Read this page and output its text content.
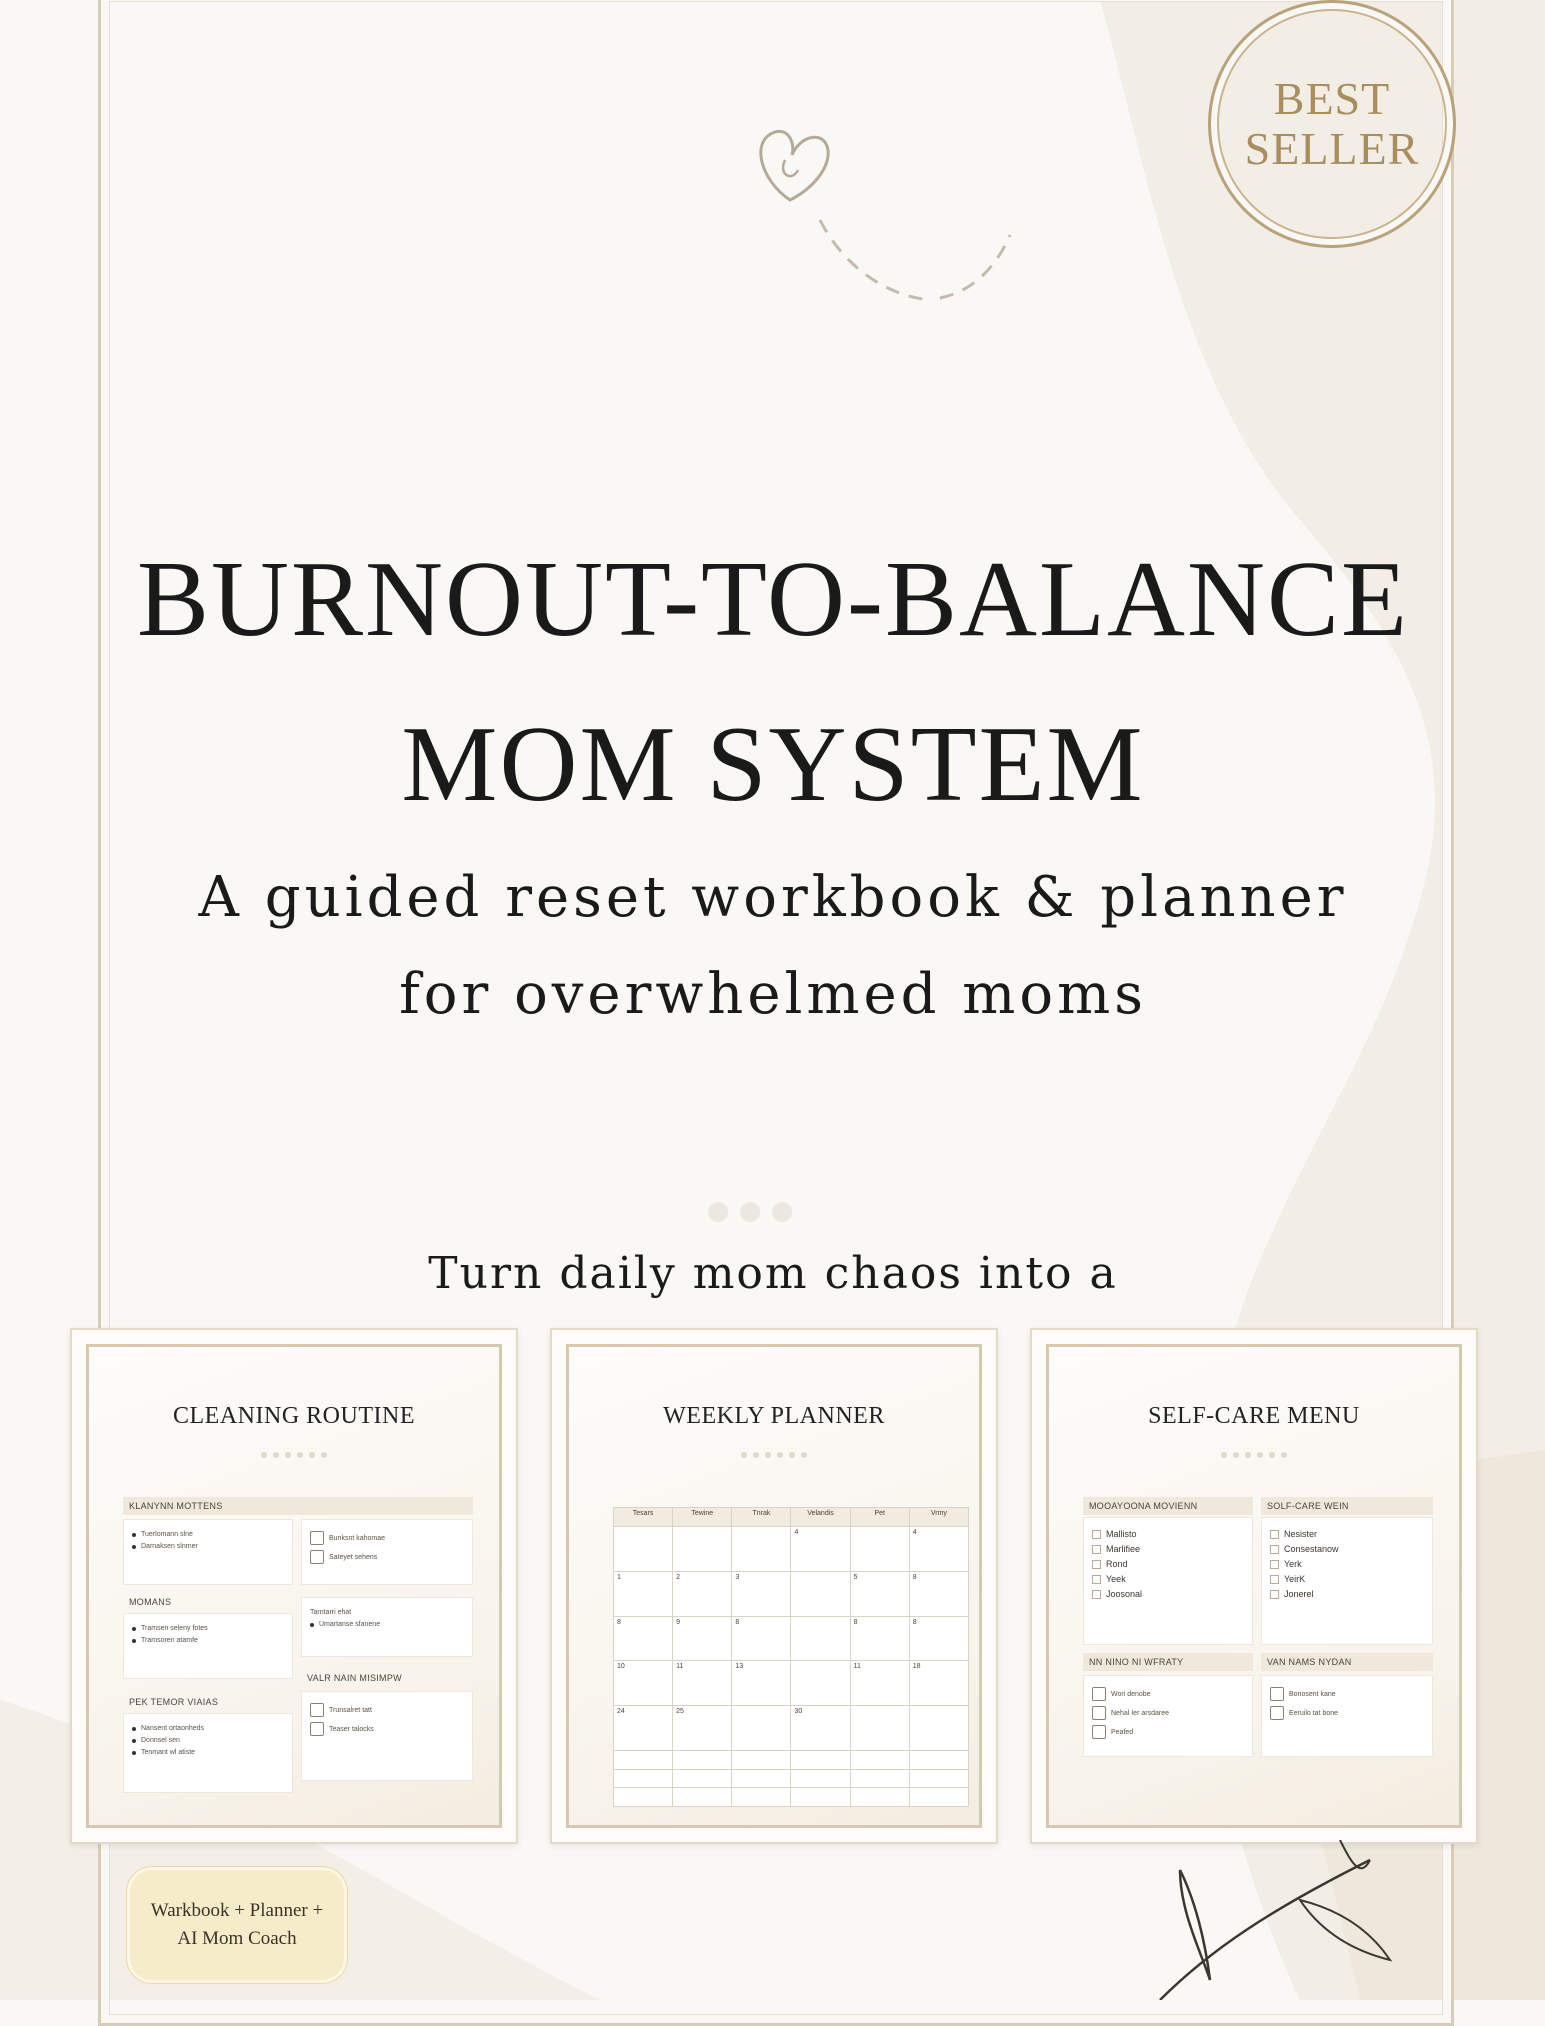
BEST
SELLER
BURNOUT-TO-BALANCE
MOM SYSTEM
A guided reset workbook & planner
for overwhelmed moms
Turn daily mom chaos into a
CLEANING ROUTINE
KLANYNN MOTTENS
Tuerlomann slne
Darnaksen slnmer
Bunksnt kahomae
Sateyet sehens
MOMANS
Tramsen seleny fotes
Tramsoren atamfe
Tarntarri ehat
Umartanse sfanene
PEK TEMOR VIAIAS
VALR NAIN MISIMPW
Nansent ortaonheds
Donnsel sen
Tenmant wl atiste
Trunsalret tatt
Teaser talocks
WEEKLY PLANNER
Tesars	Tewine	Tnrak	Velandis	Pet	Vrmy
			4		4
1	2	3		5	8
8	9	8		8	8
10	11	13		11	18
24	25		30		

SELF-CARE MENU
MOOAYOONA MOVIENN	SOLF-CARE WEIN
Mallisto
Marlifiee
Rond
Yeek
Joosonal
Nesister
Consestanow
Yerk
YeirK
Jonerel
NN NINO NI WFRATY	VAN NAMS NYDAN
Wori denobe
Nehal Ier arsdaree
Peafed
Bonosent kane
Eeruilo tat bone
Warkbook + Planner +
AI Mom Coach
